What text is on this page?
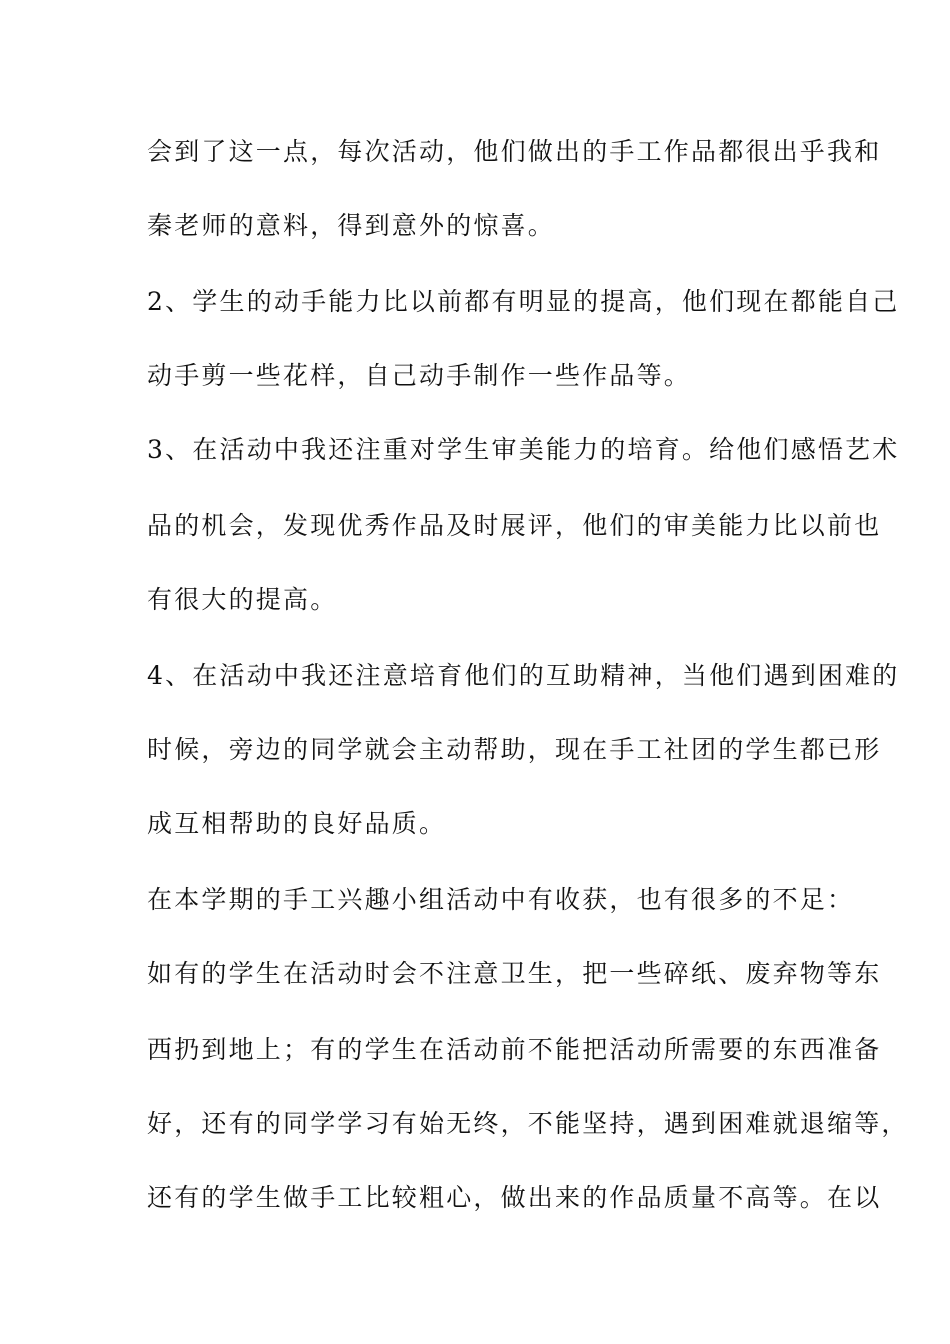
会到了这一点，每次活动，他们做出的手工作品都很出乎我和
秦老师的意料，得到意外的惊喜。
2、学生的动手能力比以前都有明显的提高，他们现在都能自己
动手剪一些花样，自己动手制作一些作品等。
3、在活动中我还注重对学生审美能力的培育。给他们感悟艺术
品的机会，发现优秀作品及时展评，他们的审美能力比以前也
有很大的提高。
4、在活动中我还注意培育他们的互助精神，当他们遇到困难的
时候，旁边的同学就会主动帮助，现在手工社团的学生都已形
成互相帮助的良好品质。
在本学期的手工兴趣小组活动中有收获，也有很多的不足：
如有的学生在活动时会不注意卫生，把一些碎纸、废弃物等东
西扔到地上；有的学生在活动前不能把活动所需要的东西准备
好，还有的同学学习有始无终，不能坚持，遇到困难就退缩等，
还有的学生做手工比较粗心，做出来的作品质量不高等。在以
